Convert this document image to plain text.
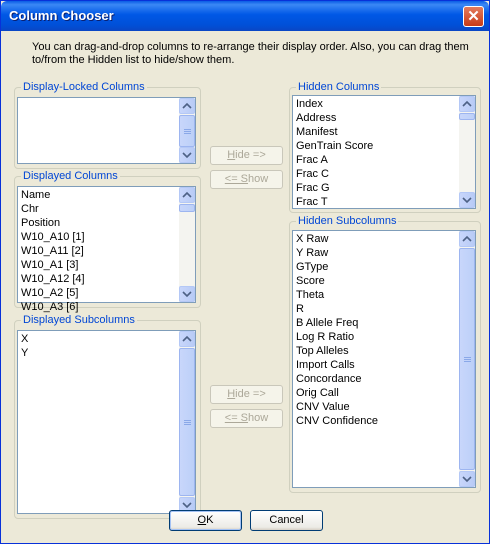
Column Chooser	✕
You can drag-and-drop columns to re-arrange their display order. Also, you can drag them to/from the Hidden list to hide/show them.
Display-Locked Columns
Displayed Columns
Name
Chr
Position
W10_A10 [1]
W10_A11 [2]
W10_A1 [3]
W10_A12 [4]
W10_A2 [5]
W10_A3 [6]
Displayed Subcolumns
X
Y
Hide =>
<= Show
Hide =>
<= Show
Hidden Columns
Index
Address
Manifest
GenTrain Score
Frac A
Frac C
Frac G
Frac T
Hidden Subcolumns
X Raw
Y Raw
GType
Score
Theta
R
B Allele Freq
Log R Ratio
Top Alleles
Import Calls
Concordance
Orig Call
CNV Value
CNV Confidence
OK	Cancel
